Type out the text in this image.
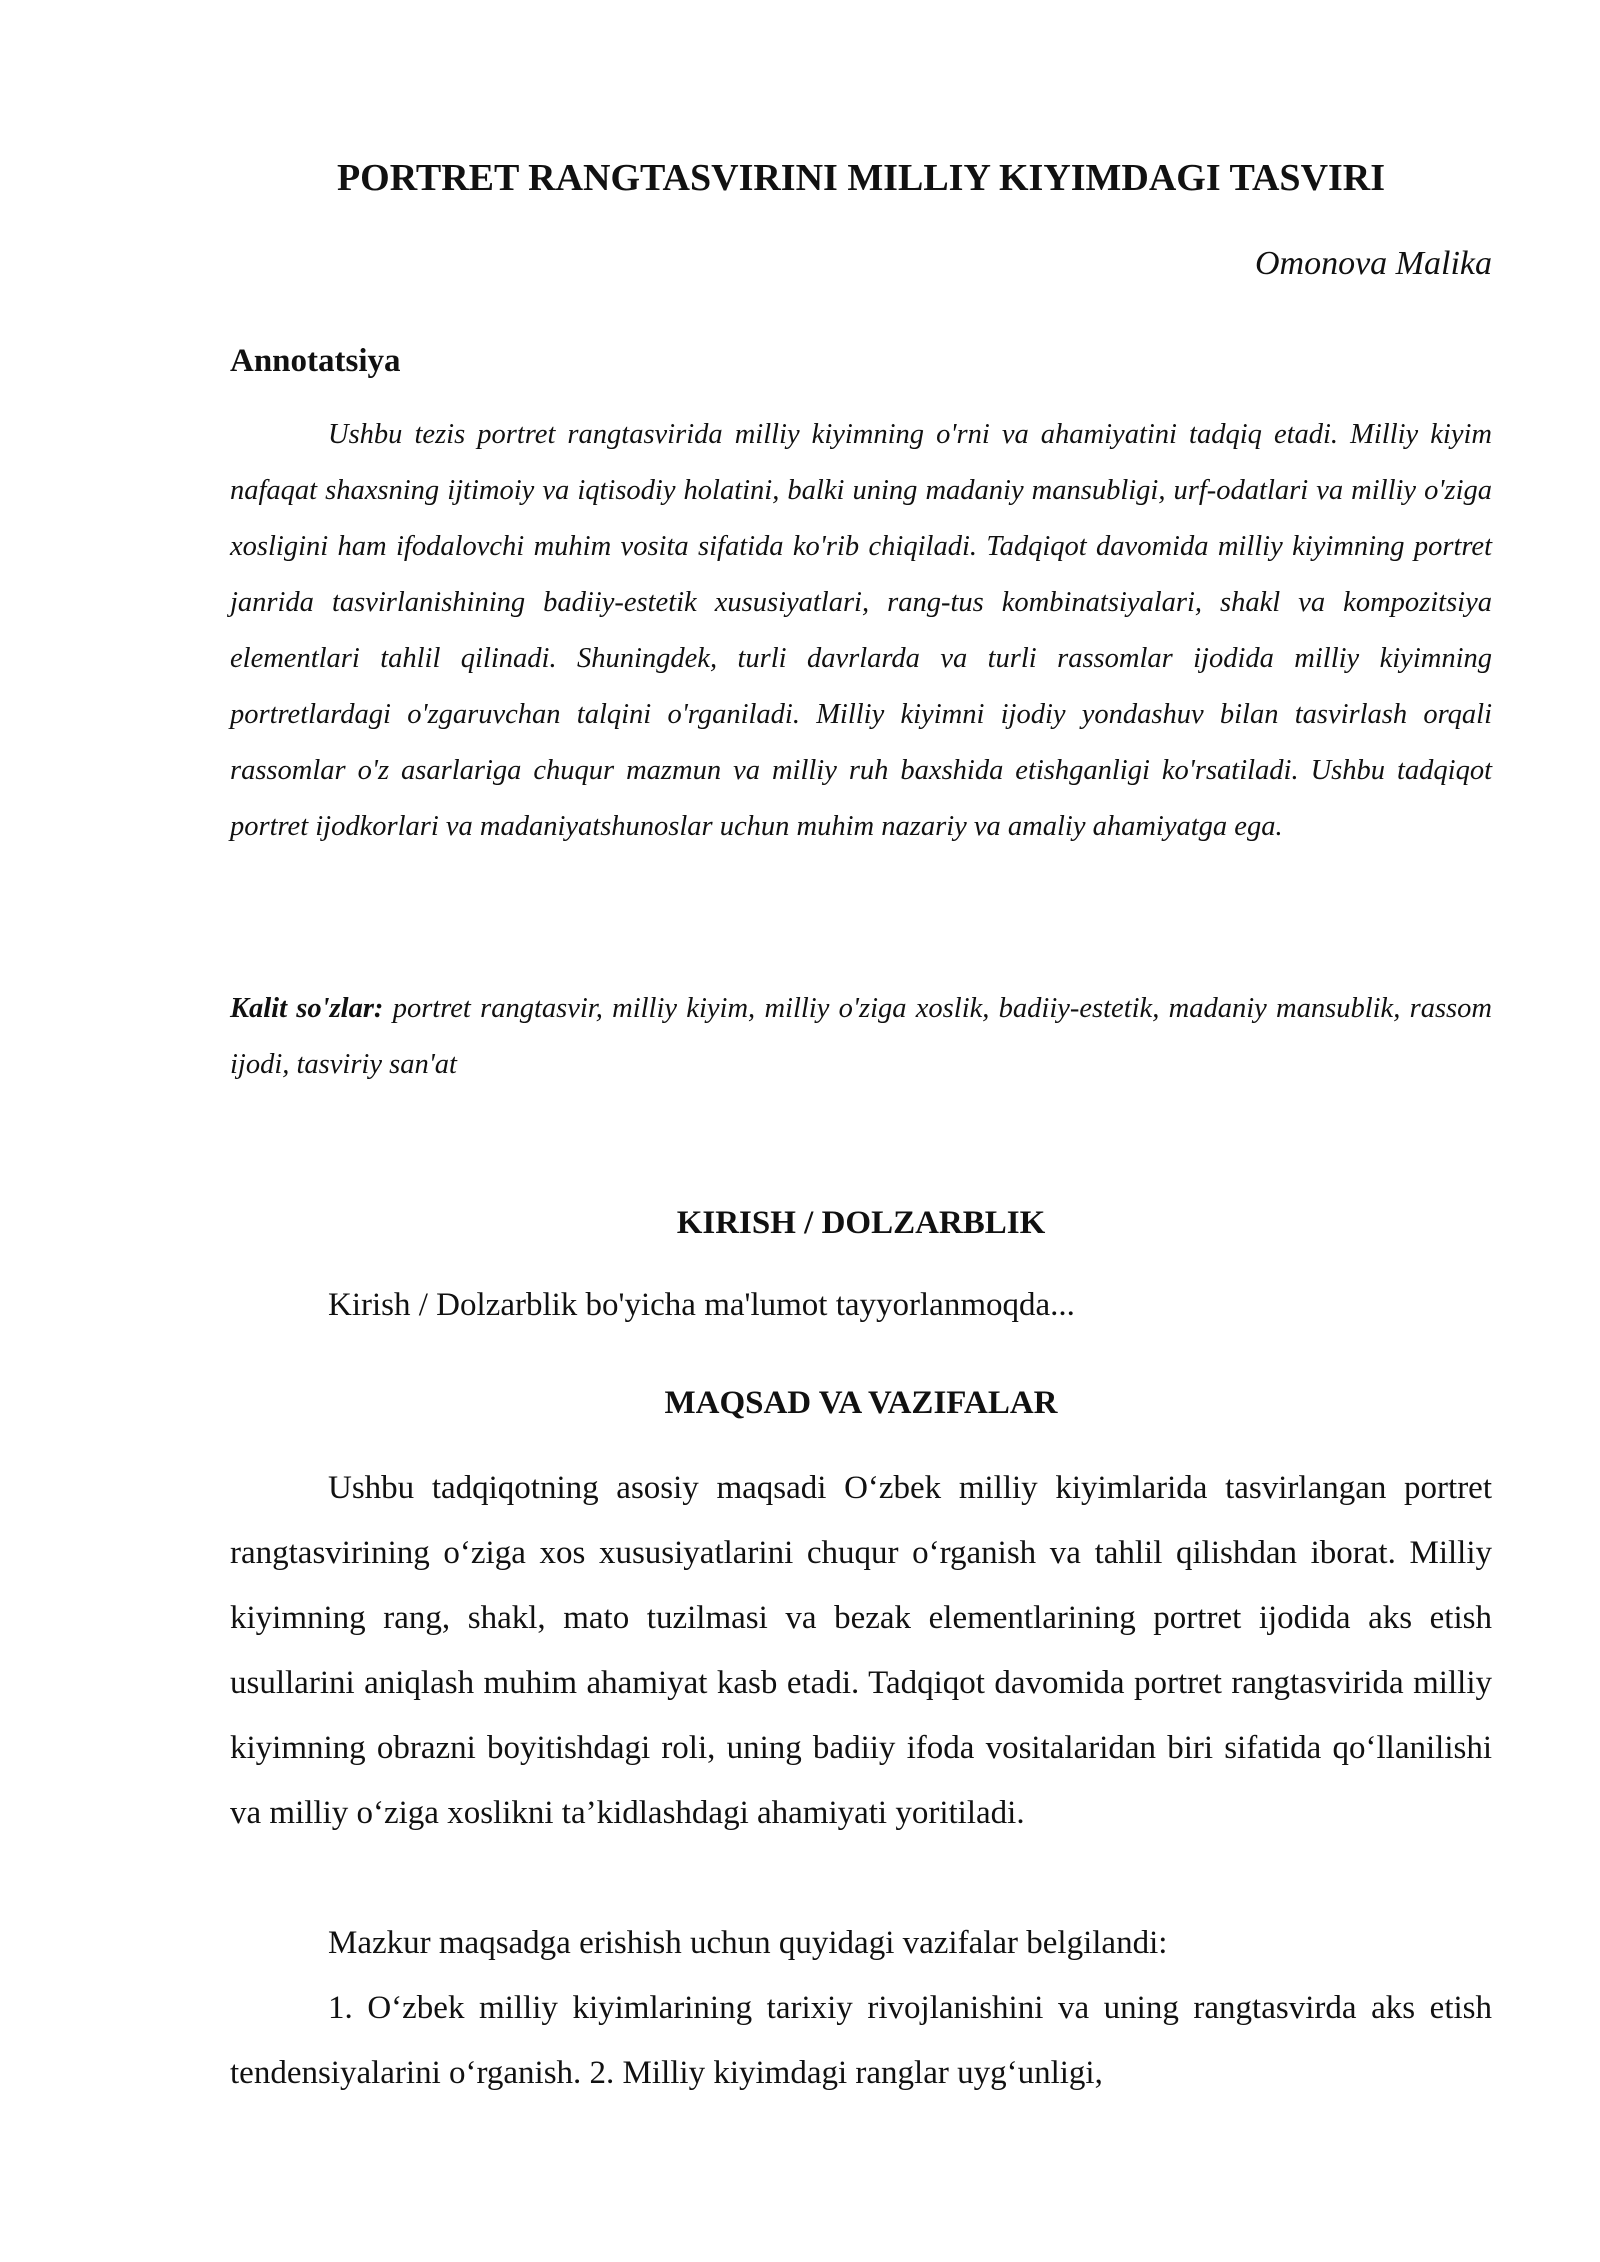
PORTRET RANGTASVIRINI MILLIY KIYIMDAGI TASVIRI

Omonova Malika

Annotatsiya

Ushbu tezis portret rangtasvirida milliy kiyimning o'rni va ahamiyatini tadqiq etadi. Milliy kiyim nafaqat shaxsning ijtimoiy va iqtisodiy holatini, balki uning madaniy mansubligi, urf-odatlari va milliy o'ziga xosligini ham ifodalovchi muhim vosita sifatida ko'rib chiqiladi. Tadqiqot davomida milliy kiyimning portret janrida tasvirlanishining badiiy-estetik xususiyatlari, rang-tus kombinatsiyalari, shakl va kompozitsiya elementlari tahlil qilinadi. Shuningdek, turli davrlarda va turli rassomlar ijodida milliy kiyimning portretlardagi o'zgaruvchan talqini o'rganiladi. Milliy kiyimni ijodiy yondashuv bilan tasvirlash orqali rassomlar o'z asarlariga chuqur mazmun va milliy ruh baxshida etishganligi ko'rsatiladi. Ushbu tadqiqot portret ijodkorlari va madaniyatshunoslar uchun muhim nazariy va amaliy ahamiyatga ega.

Kalit so'zlar: portret rangtasvir, milliy kiyim, milliy o'ziga xoslik, badiiy-estetik, madaniy mansublik, rassom ijodi, tasviriy san'at

KIRISH / DOLZARBLIK

Kirish / Dolzarblik bo'yicha ma'lumot tayyorlanmoqda...

MAQSAD VA VAZIFALAR

Ushbu tadqiqotning asosiy maqsadi O‘zbek milliy kiyimlarida tasvirlangan portret rangtasvirining o‘ziga xos xususiyatlarini chuqur o‘rganish va tahlil qilishdan iborat. Milliy kiyimning rang, shakl, mato tuzilmasi va bezak elementlarining portret ijodida aks etish usullarini aniqlash muhim ahamiyat kasb etadi. Tadqiqot davomida portret rangtasvirida milliy kiyimning obrazni boyitishdagi roli, uning badiiy ifoda vositalaridan biri sifatida qo‘llanilishi va milliy o‘ziga xoslikni ta’kidlashdagi ahamiyati yoritiladi.

Mazkur maqsadga erishish uchun quyidagi vazifalar belgilandi:

1. O‘zbek milliy kiyimlarining tarixiy rivojlanishini va uning rangtasvirda aks etish tendensiyalarini o‘rganish. 2. Milliy kiyimdagi ranglar uyg‘unligi,
